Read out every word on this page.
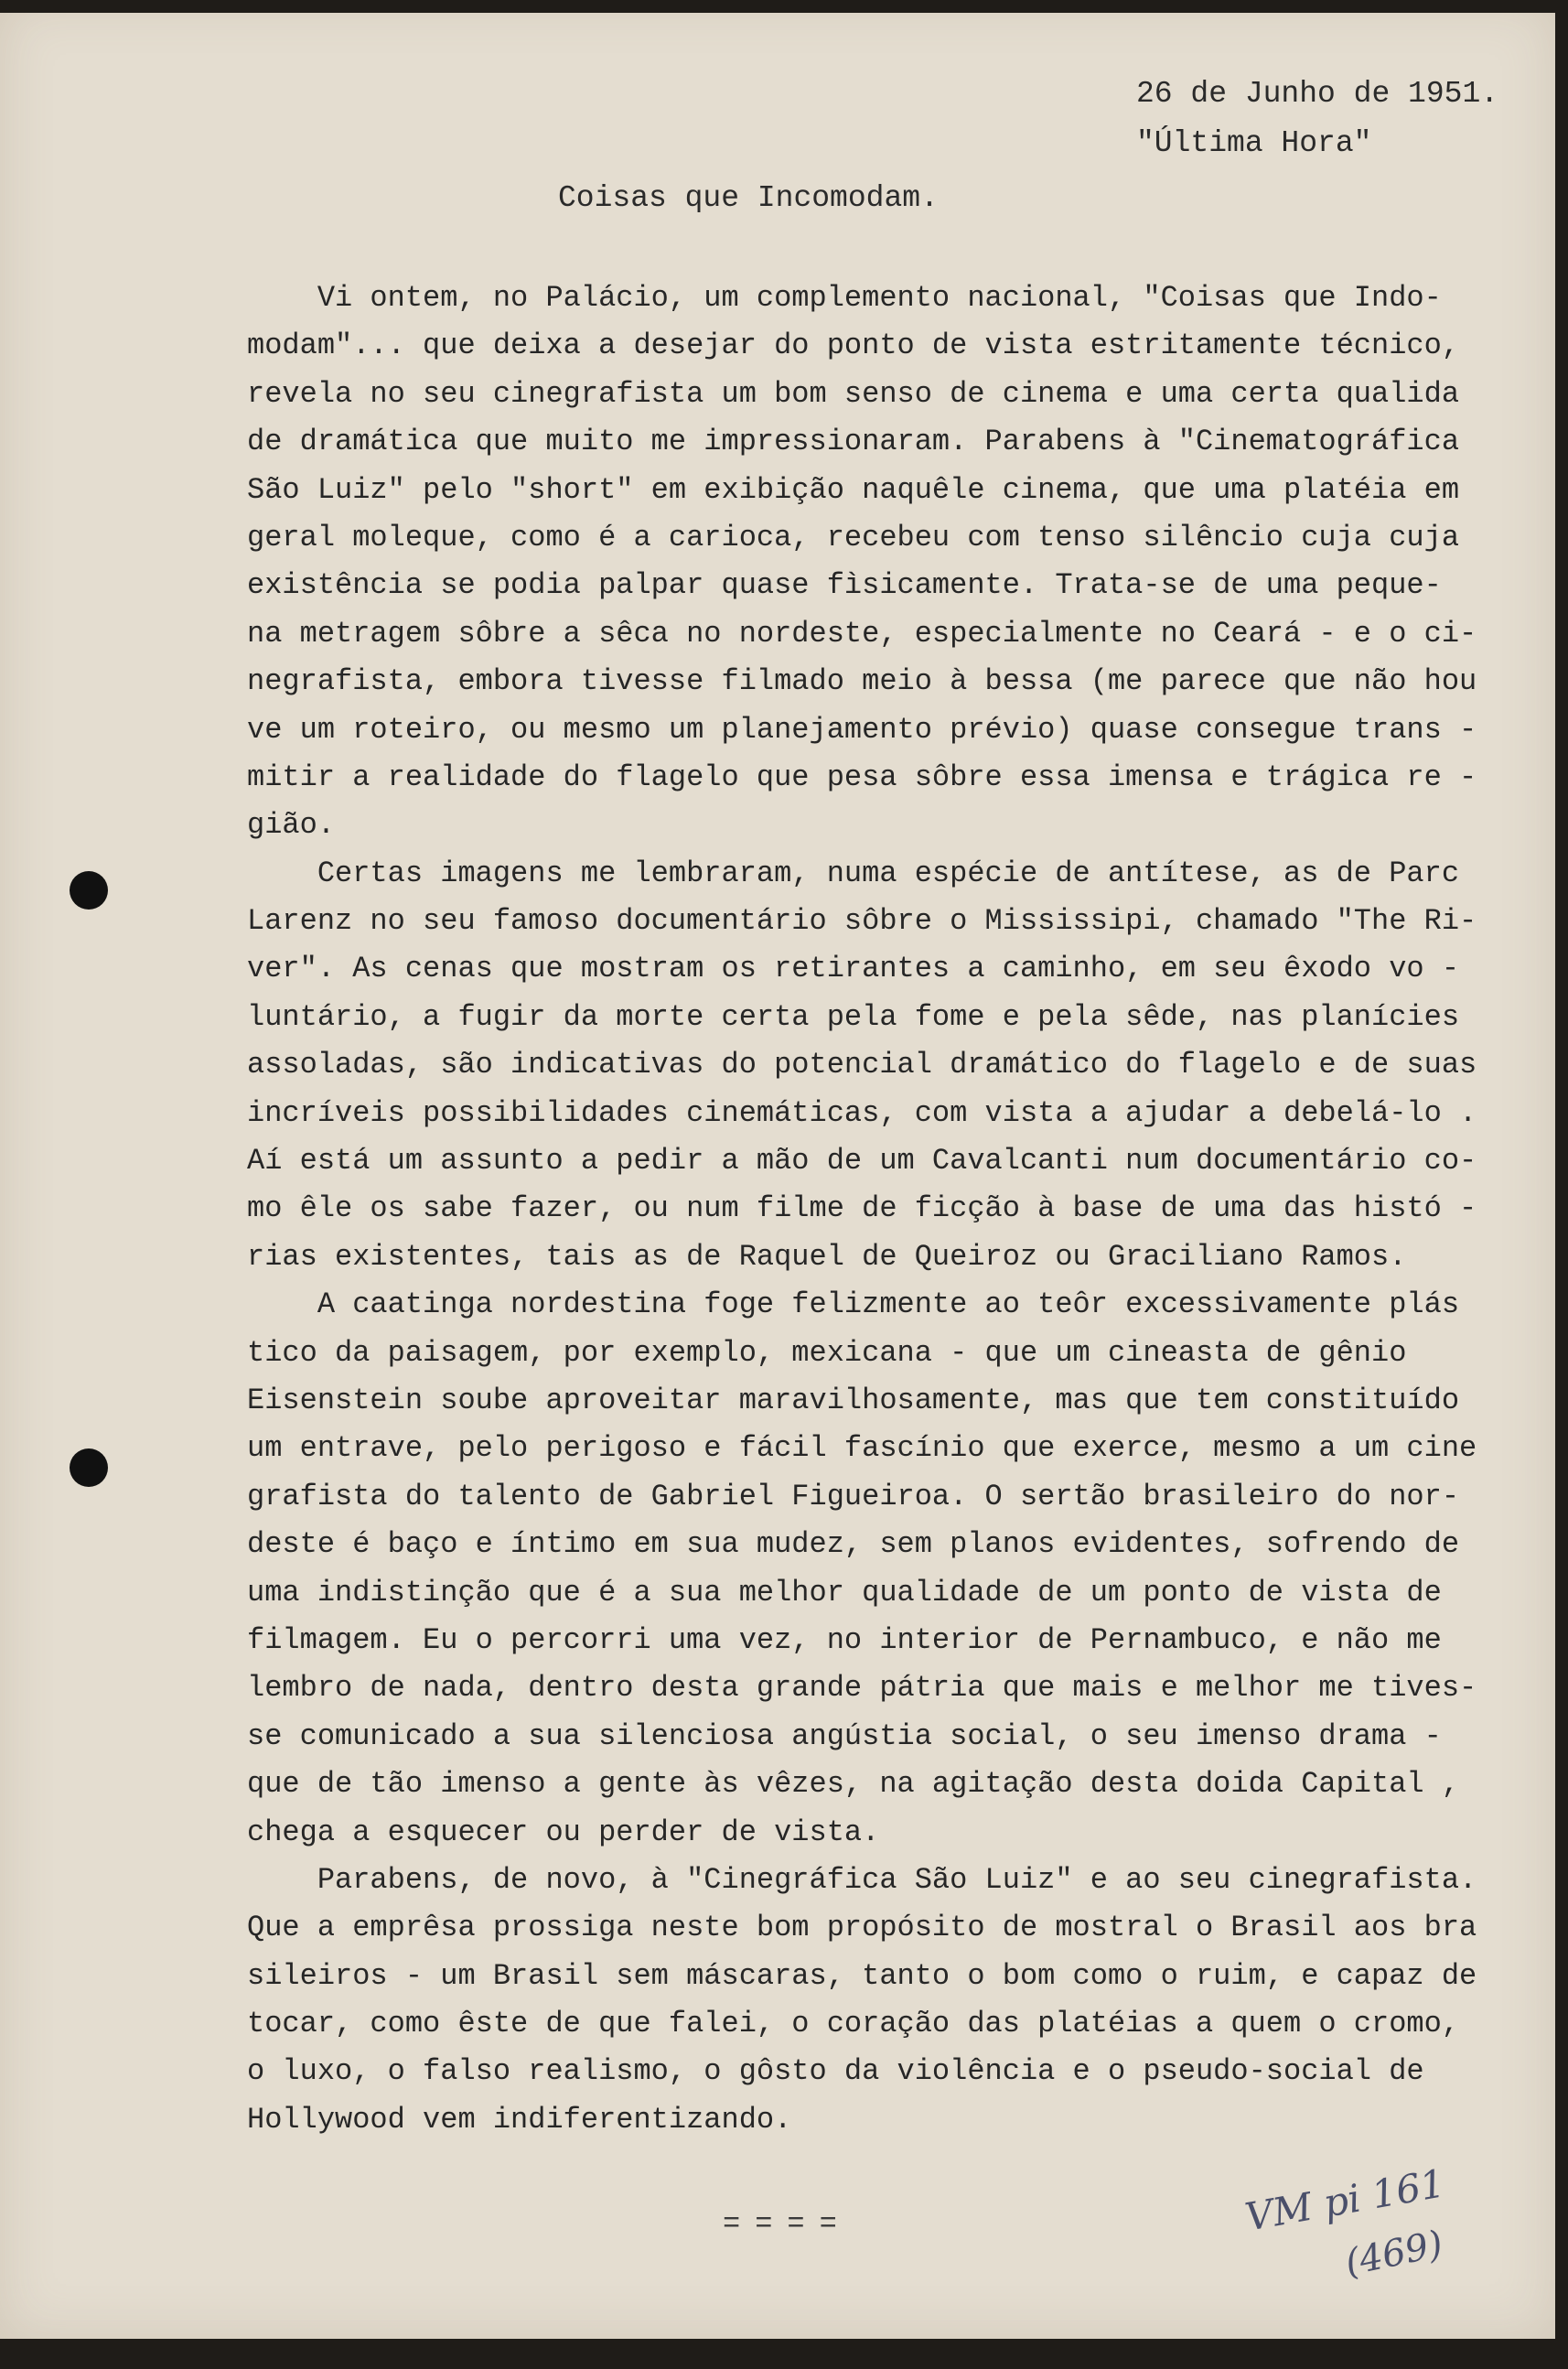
26 de Junho de 1951.
"Última Hora"
Coisas que Incomodam.
Vi ontem, no Palácio, um complemento nacional, "Coisas que Indo-
modam"... que deixa a desejar do ponto de vista estritamente técnico,
revela no seu cinegrafista um bom senso de cinema e uma certa qualida
de dramática que muito me impressionaram. Parabens à "Cinematográfica
São Luiz" pelo "short" em exibição naquêle cinema, que uma platéia em
geral moleque, como é a carioca, recebeu com tenso silêncio cuja cuja
existência se podia palpar quase fìsicamente. Trata-se de uma peque-
na metragem sôbre a sêca no nordeste, especialmente no Ceará - e o ci-
negrafista, embora tivesse filmado meio à bessa (me parece que não hou
ve um roteiro, ou mesmo um planejamento prévio) quase consegue trans -
mitir a realidade do flagelo que pesa sôbre essa imensa e trágica re -
gião.
Certas imagens me lembraram, numa espécie de antítese, as de Parc
Larenz no seu famoso documentário sôbre o Mississipi, chamado "The Ri-
ver". As cenas que mostram os retirantes a caminho, em seu êxodo vo -
luntário, a fugir da morte certa pela fome e pela sêde, nas planícies
assoladas, são indicativas do potencial dramático do flagelo e de suas
incríveis possibilidades cinemáticas, com vista a ajudar a debelá-lo .
Aí está um assunto a pedir a mão de um Cavalcanti num documentário co-
mo êle os sabe fazer, ou num filme de ficção à base de uma das histó -
rias existentes, tais as de Raquel de Queiroz ou Graciliano Ramos.
A caatinga nordestina foge felizmente ao teôr excessivamente plás
tico da paisagem, por exemplo, mexicana - que um cineasta de gênio
Eisenstein soube aproveitar maravilhosamente, mas que tem constituído
um entrave, pelo perigoso e fácil fascínio que exerce, mesmo a um cine
grafista do talento de Gabriel Figueiroa. O sertão brasileiro do nor-
deste é baço e íntimo em sua mudez, sem planos evidentes, sofrendo de
uma indistinção que é a sua melhor qualidade de um ponto de vista de
filmagem. Eu o percorri uma vez, no interior de Pernambuco, e não me
lembro de nada, dentro desta grande pátria que mais e melhor me tives-
se comunicado a sua silenciosa angústia social, o seu imenso drama -
que de tão imenso a gente às vêzes, na agitação desta doida Capital ,
chega a esquecer ou perder de vista.
Parabens, de novo, à "Cinegráfica São Luiz" e ao seu cinegrafista.
Que a emprêsa prossiga neste bom propósito de mostral o Brasil aos bra
sileiros - um Brasil sem máscaras, tanto o bom como o ruim, e capaz de
tocar, como êste de que falei, o coração das platéias a quem o cromo,
o luxo, o falso realismo, o gôsto da violência e o pseudo-social de
Hollywood vem indiferentizando.
====	VM pi 161
(469)
